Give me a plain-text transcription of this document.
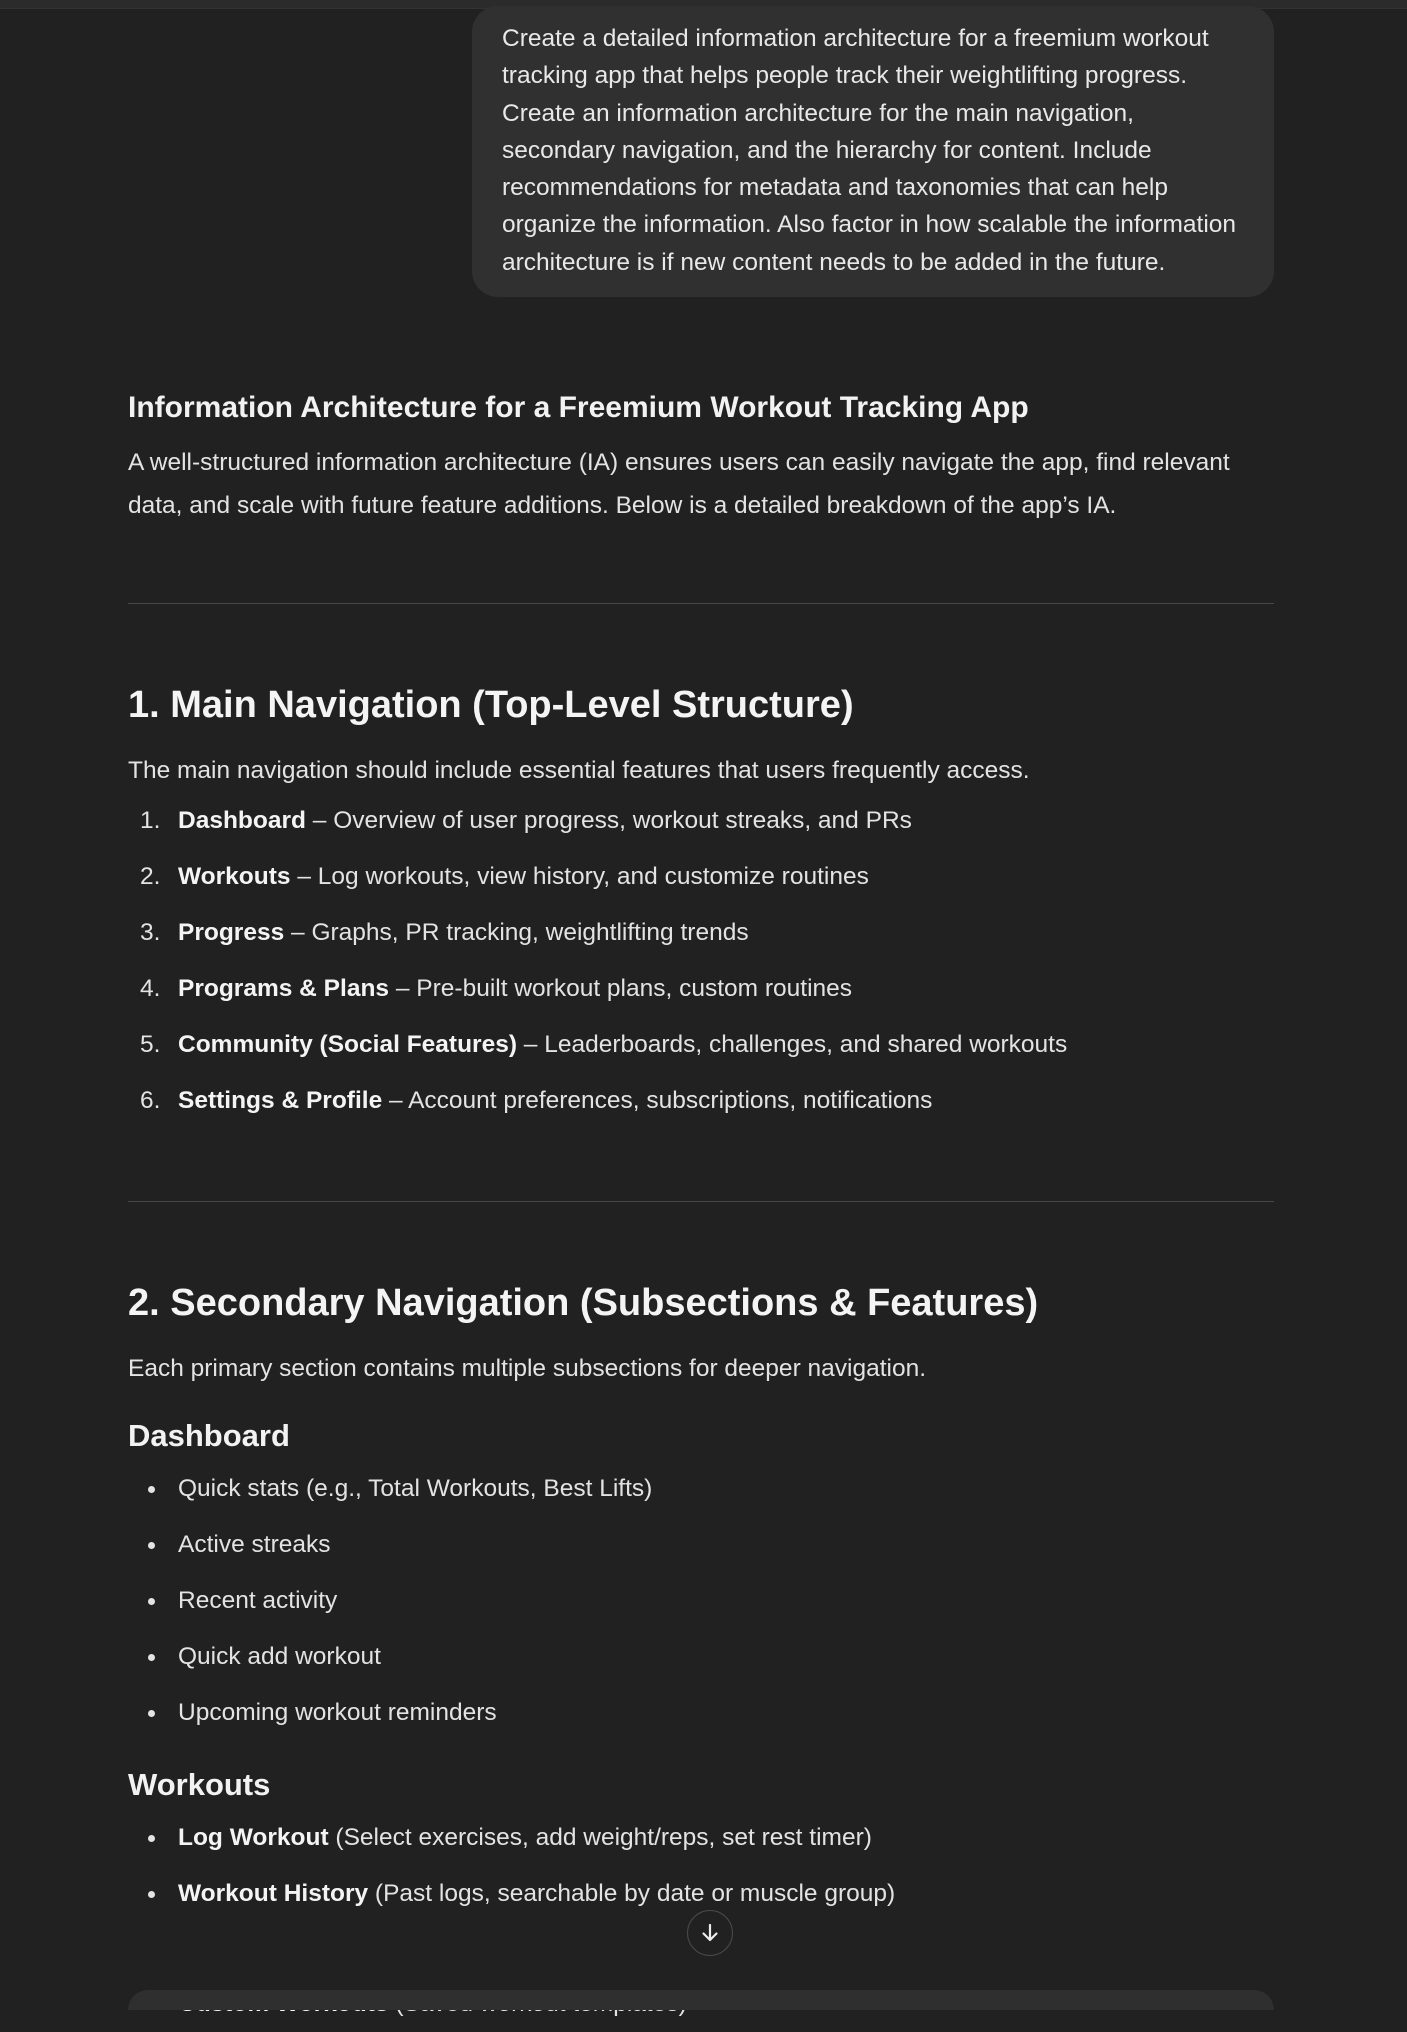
Create a detailed information architecture for a freemium workout tracking app that helps people track their weightlifting progress. Create an information architecture for the main navigation, secondary navigation, and the hierarchy for content. Include recommendations for metadata and taxonomies that can help organize the information. Also factor in how scalable the information architecture is if new content needs to be added in the future.
Information Architecture for a Freemium Workout Tracking App
A well-structured information architecture (IA) ensures users can easily navigate the app, find relevant data, and scale with future feature additions. Below is a detailed breakdown of the app’s IA.
1. Main Navigation (Top-Level Structure)
The main navigation should include essential features that users frequently access.
1. Dashboard – Overview of user progress, workout streaks, and PRs
2. Workouts – Log workouts, view history, and customize routines
3. Progress – Graphs, PR tracking, weightlifting trends
4. Programs & Plans – Pre-built workout plans, custom routines
5. Community (Social Features) – Leaderboards, challenges, and shared workouts
6. Settings & Profile – Account preferences, subscriptions, notifications
2. Secondary Navigation (Subsections & Features)
Each primary section contains multiple subsections for deeper navigation.
Dashboard
Quick stats (e.g., Total Workouts, Best Lifts)
Active streaks
Recent activity
Quick add workout
Upcoming workout reminders
Workouts
Log Workout (Select exercises, add weight/reps, set rest timer)
Workout History (Past logs, searchable by date or muscle group)
